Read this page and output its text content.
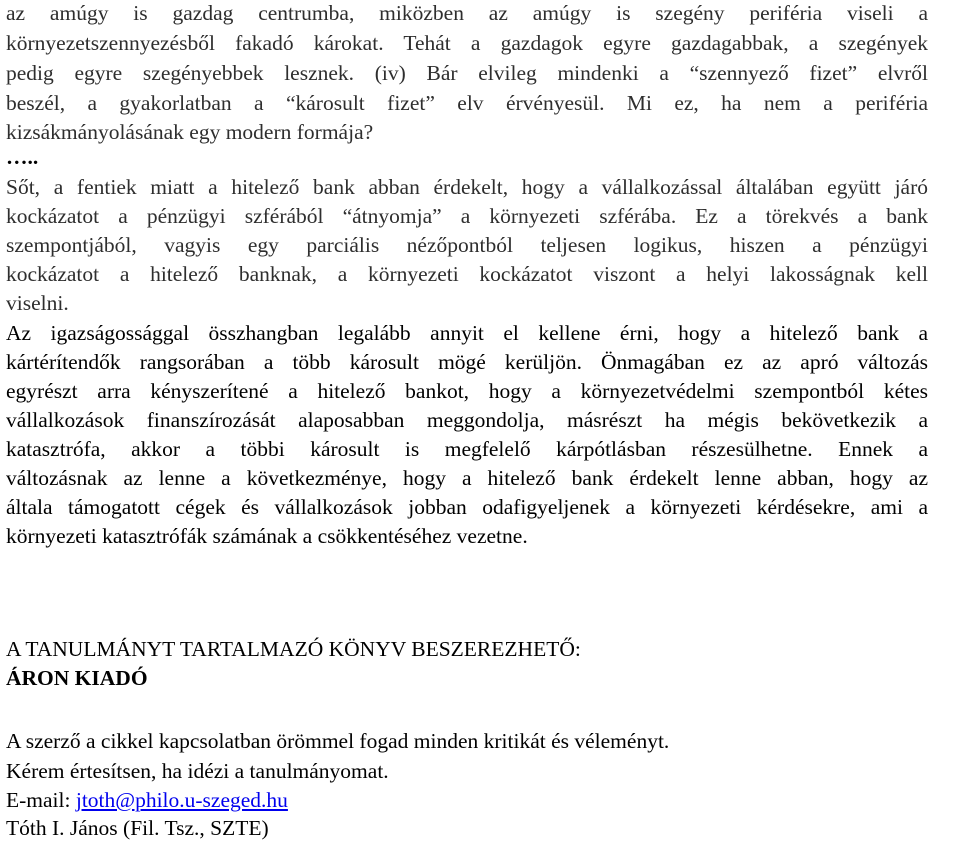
az amúgy is gazdag centrumba, miközben az amúgy is szegény periféria viseli a

környezetszennyezésből fakadó károkat. Tehát a gazdagok egyre gazdagabbak, a szegények

pedig egyre szegényebbek lesznek. (iv) Bár elvileg mindenki a “szennyező fizet” elvről

beszél, a gyakorlatban a “károsult fizet” elv érvényesül. Mi ez, ha nem a periféria

kizsákmányolásának egy modern formája?

…..

Sőt, a fentiek miatt a hitelező bank abban érdekelt, hogy a vállalkozással általában együtt járó

kockázatot a pénzügyi szférából “átnyomja” a környezeti szférába. Ez a törekvés a bank

szempontjából, vagyis egy parciális nézőpontból teljesen logikus, hiszen a pénzügyi

kockázatot a hitelező banknak, a környezeti kockázatot viszont a helyi lakosságnak kell

viselni.

Az igazságossággal összhangban legalább annyit el kellene érni, hogy a hitelező bank a

kártérítendők rangsorában a több károsult mögé kerüljön. Önmagában ez az apró változás

egyrészt arra kényszerítené a hitelező bankot, hogy a környezetvédelmi szempontból kétes

vállalkozások finanszírozását alaposabban meggondolja, másrészt ha mégis bekövetkezik a

katasztrófa, akkor a többi károsult is megfelelő kárpótlásban részesülhetne. Ennek a

változásnak az lenne a következménye, hogy a hitelező bank érdekelt lenne abban, hogy az

általa támogatott cégek és vállalkozások jobban odafigyeljenek a környezeti kérdésekre, ami a

környezeti katasztrófák számának a csökkentéséhez vezetne.

A TANULMÁNYT TARTALMAZÓ KÖNYV BESZEREZHETŐ:

ÁRON KIADÓ

A szerző a cikkel kapcsolatban örömmel fogad minden kritikát és véleményt.

Kérem értesítsen, ha idézi a tanulmányomat.

E-mail: jtoth@philo.u-szeged.hu

Tóth I. János (Fil. Tsz., SZTE)
